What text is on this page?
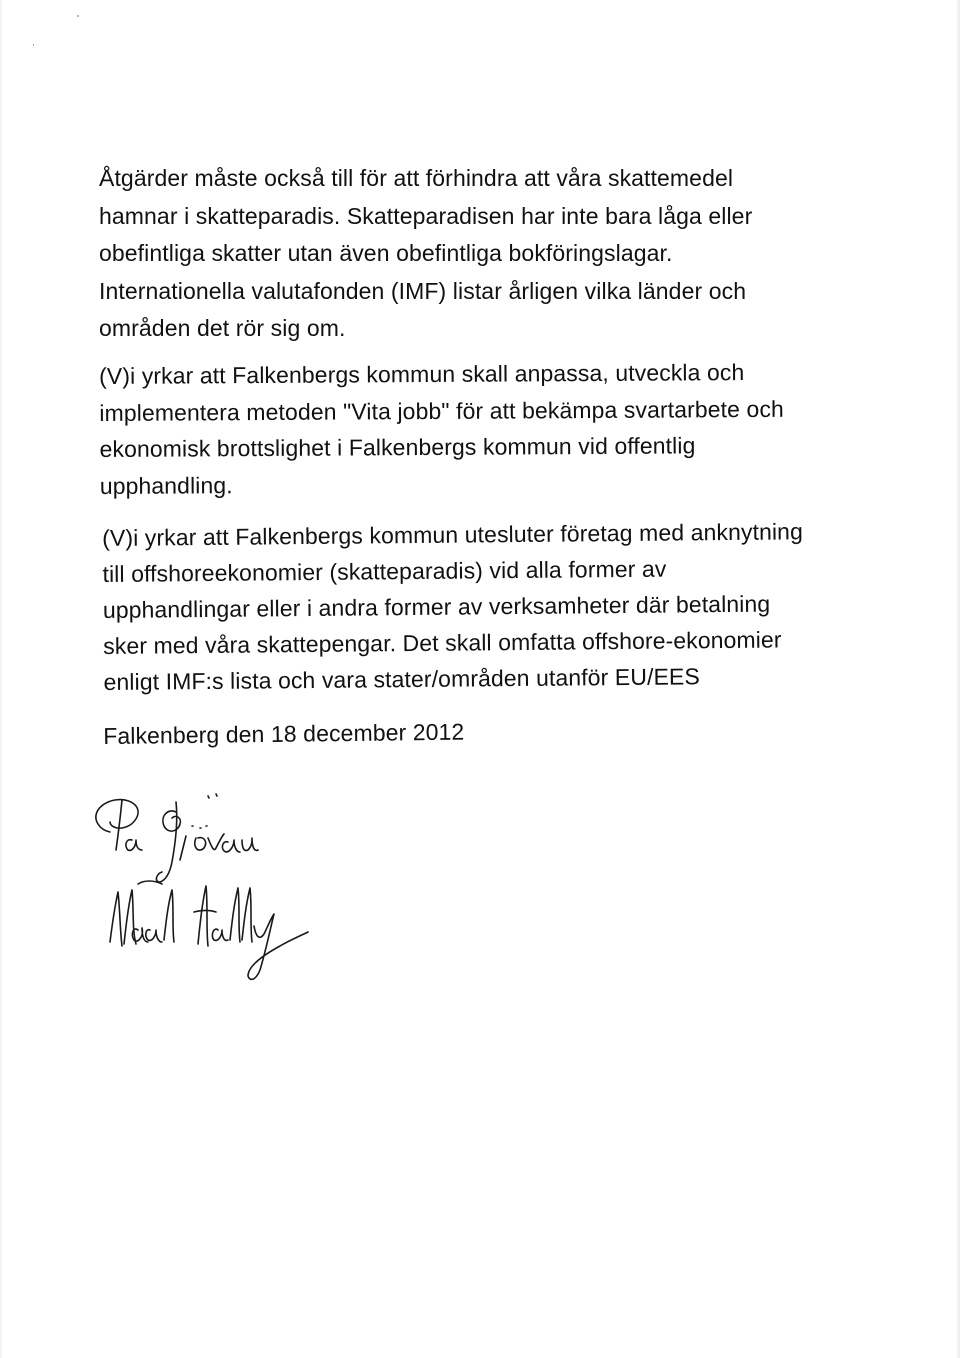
Åtgärder måste också till för att förhindra att våra skattemedel
hamnar i skatteparadis. Skatteparadisen har inte bara låga eller
obefintliga skatter utan även obefintliga bokföringslagar.
Internationella valutafonden (IMF) listar årligen vilka länder och
områden det rör sig om.

(V)i yrkar att Falkenbergs kommun skall anpassa, utveckla och
implementera metoden "Vita jobb" för att bekämpa svartarbete och
ekonomisk brottslighet i Falkenbergs kommun vid offentlig
upphandling.

(V)i yrkar att Falkenbergs kommun utesluter företag med anknytning
till offshoreekonomier (skatteparadis) vid alla former av
upphandlingar eller i andra former av verksamheter där betalning
sker med våra skattepengar. Det skall omfatta offshore-ekonomier
enligt IMF:s lista och vara stater/områden utanför EU/EES

Falkenberg den 18 december 2012
